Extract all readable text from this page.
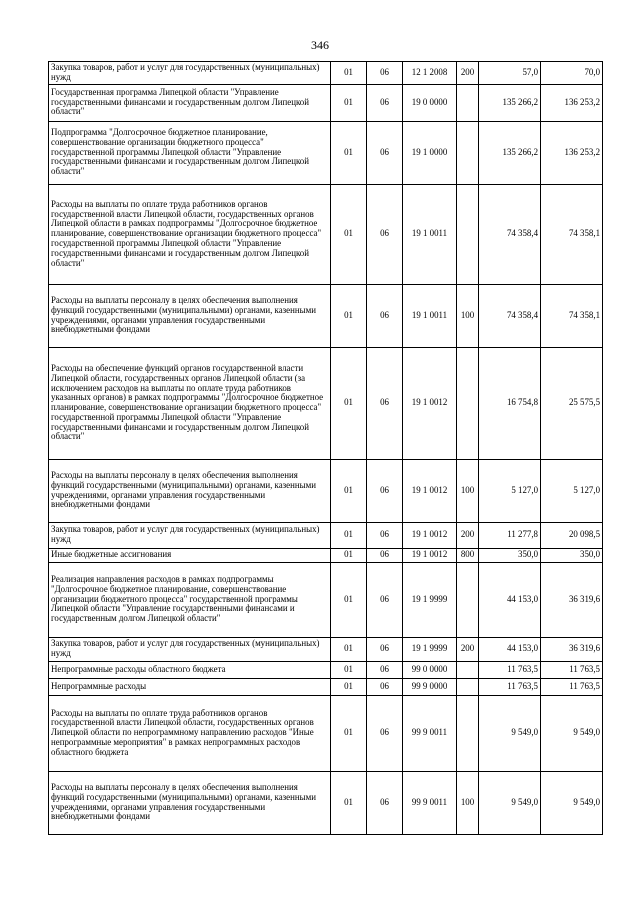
346
Закупка товаров, работ и услуг для государственных (муниципальных) нужд	01	06	12 1 2008	200	57,0	70,0
Государственная программа Липецкой области "Управление государственными финансами и государственным долгом Липецкой области"	01	06	19 0 0000		135 266,2	136 253,2
Подпрограмма "Долгосрочное бюджетное планирование, совершенствование организации бюджетного процесса" государственной программы Липецкой области "Управление государственными финансами и государственным долгом Липецкой области"	01	06	19 1 0000		135 266,2	136 253,2
Расходы на выплаты по оплате труда работников органов государственной власти Липецкой области, государственных органов Липецкой области в рамках подпрограммы "Долгосрочное бюджетное планирование, совершенствование организации бюджетного процесса" государственной программы Липецкой области "Управление государственными финансами и государственным долгом Липецкой области"	01	06	19 1 0011		74 358,4	74 358,1
Расходы на выплаты персоналу в целях обеспечения выполнения функций государственными (муниципальными) органами, казенными учреждениями, органами управления государственными внебюджетными фондами	01	06	19 1 0011	100	74 358,4	74 358,1
Расходы на обеспечение функций органов государственной власти Липецкой области, государственных органов Липецкой области (за исключением расходов на выплаты по оплате труда работников указанных органов) в рамках подпрограммы "Долгосрочное бюджетное планирование, совершенствование организации бюджетного процесса" государственной программы Липецкой области "Управление государственными финансами и государственным долгом Липецкой области"	01	06	19 1 0012		16 754,8	25 575,5
Расходы на выплаты персоналу в целях обеспечения выполнения функций государственными (муниципальными) органами, казенными учреждениями, органами управления государственными внебюджетными фондами	01	06	19 1 0012	100	5 127,0	5 127,0
Закупка товаров, работ и услуг для государственных (муниципальных) нужд	01	06	19 1 0012	200	11 277,8	20 098,5
Иные бюджетные ассигнования	01	06	19 1 0012	800	350,0	350,0
Реализация направления расходов в рамках подпрограммы "Долгосрочное бюджетное планирование, совершенствование организации бюджетного процесса" государственной программы Липецкой области "Управление государственными финансами и государственным долгом Липецкой области"	01	06	19 1 9999		44 153,0	36 319,6
Закупка товаров, работ и услуг для государственных (муниципальных) нужд	01	06	19 1 9999	200	44 153,0	36 319,6
Непрограммные расходы областного бюджета	01	06	99 0 0000		11 763,5	11 763,5
Непрограммные расходы	01	06	99 9 0000		11 763,5	11 763,5
Расходы на выплаты по оплате труда работников органов государственной власти Липецкой области, государственных органов Липецкой области по непрограммному направлению расходов "Иные непрограммные мероприятия" в рамках непрограммных расходов областного бюджета	01	06	99 9 0011		9 549,0	9 549,0
Расходы на выплаты персоналу в целях обеспечения выполнения функций государственными (муниципальными) органами, казенными учреждениями, органами управления государственными внебюджетными фондами	01	06	99 9 0011	100	9 549,0	9 549,0
